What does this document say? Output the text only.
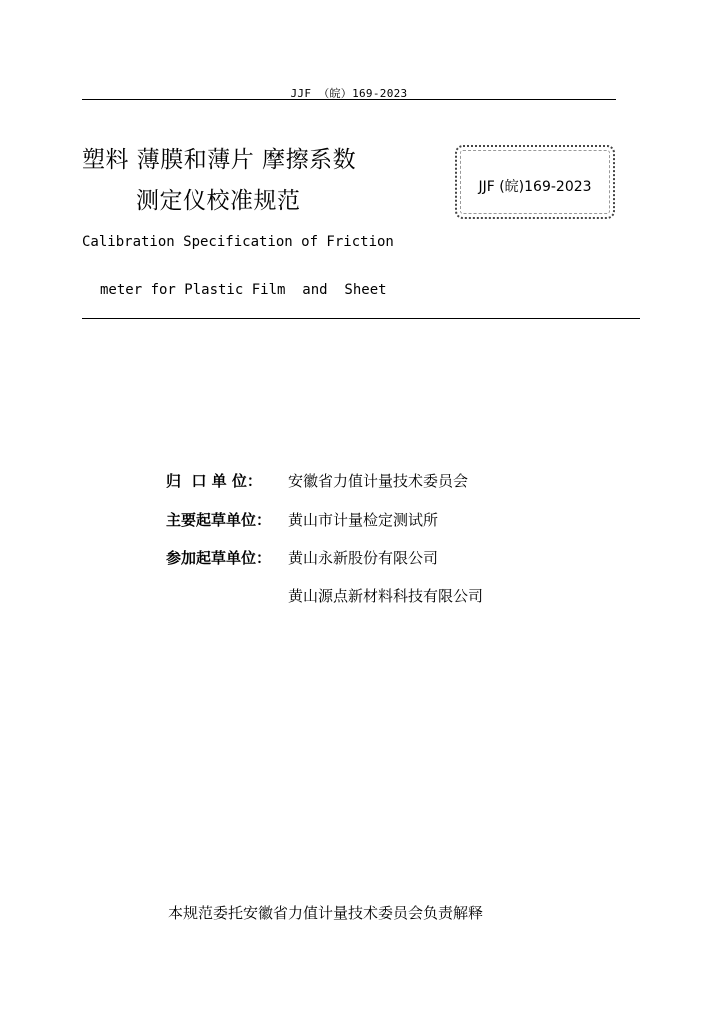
JJF （皖）169-2023
塑料 薄膜和薄片 摩擦系数
测定仪校准规范
JJF (皖)169-2023
Calibration Specification of Friction
meter for Plastic Film  and  Sheet
归  口 单 位：	安徽省力值计量技术委员会
主要起草单位：	黄山市计量检定测试所
参加起草单位：	黄山永新股份有限公司
黄山源点新材料科技有限公司
本规范委托安徽省力值计量技术委员会负责解释
